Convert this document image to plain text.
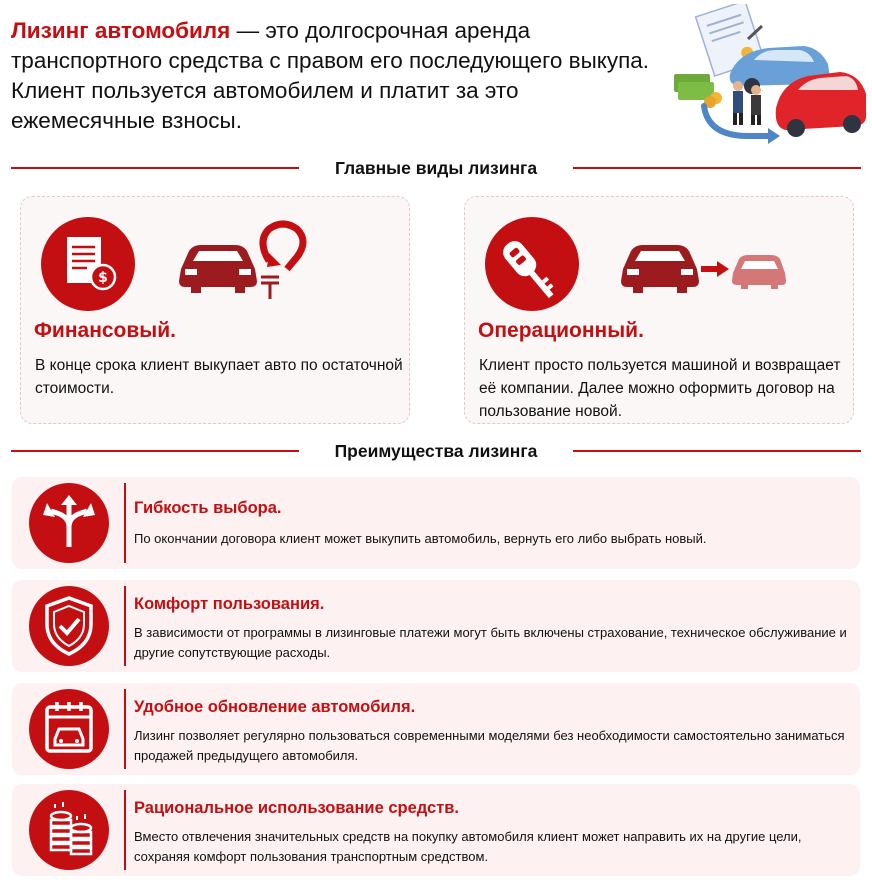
Лизинг автомобиля — это долгосрочная аренда транспортного средства с правом его последующего выкупа. Клиент пользуется автомобилем и платит за это ежемесячные взносы.
Главные виды лизинга
$
Финансовый.
В конце срока клиент выкупает авто по остаточной стоимости.
Операционный.
Клиент просто пользуется машиной и возвращает её компании. Далее можно оформить договор на пользование новой.
Преимущества лизинга
Гибкость выбора.
По окончании договора клиент может выкупить автомобиль, вернуть его либо выбрать новый.
Комфорт пользования.
В зависимости от программы в лизинговые платежи могут быть включены страхование, техническое обслуживание и другие сопутствующие расходы.
Удобное обновление автомобиля.
Лизинг позволяет регулярно пользоваться современными моделями без необходимости самостоятельно заниматься продажей предыдущего автомобиля.
Рациональное использование средств.
Вместо отвлечения значительных средств на покупку автомобиля клиент может направить их на другие цели, сохраняя комфорт пользования транспортным средством.
